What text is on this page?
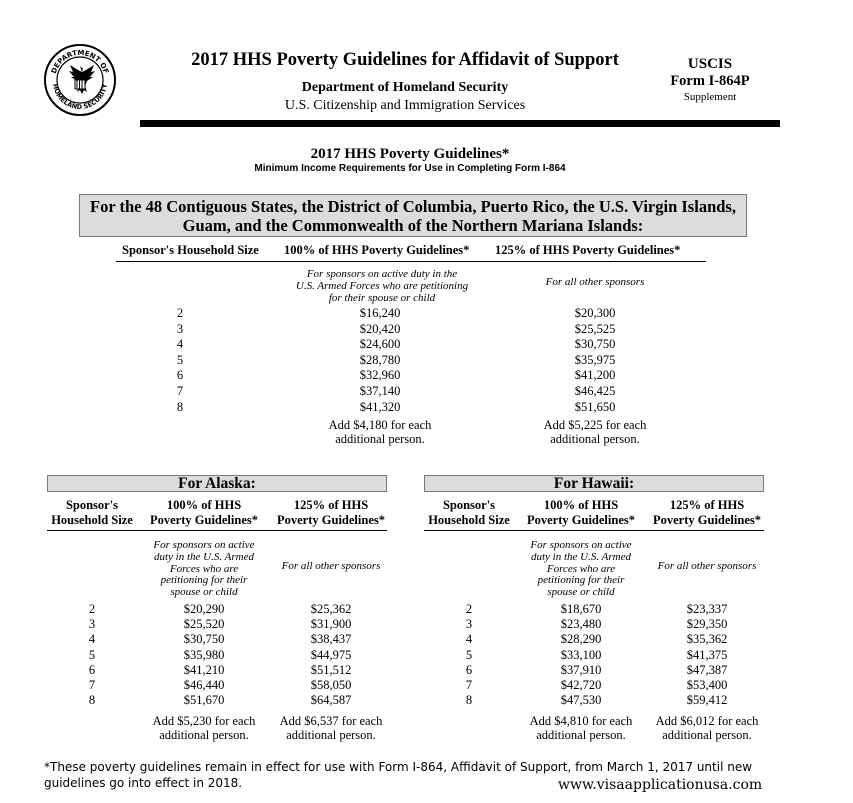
DEPARTMENT OF
HOMELAND SECURITY
2017 HHS Poverty Guidelines for Affidavit of Support
Department of Homeland Security
U.S. Citizenship and Immigration Services
USCIS
Form I-864P
Supplement
2017 HHS Poverty Guidelines*
Minimum Income Requirements for Use in Completing Form I-864
For the 48 Contiguous States, the District of Columbia, Puerto Rico, the U.S. Virgin Islands,
Guam, and the Commonwealth of the Northern Mariana Islands:
Sponsor's Household Size 100% of HHS Poverty Guidelines* 125% of HHS Poverty Guidelines*
For sponsors on active duty in the
U.S. Armed Forces who are petitioning
for their spouse or child
For all other sponsors
2
3
4
5
6
7
8
$16,240
$20,420
$24,600
$28,780
$32,960
$37,140
$41,320
$20,300
$25,525
$30,750
$35,975
$41,200
$46,425
$51,650
Add $4,180 for each
additional person.
Add $5,225 for each
additional person.
For Alaska:
Sponsor's
Household Size
100% of HHS
Poverty Guidelines*
125% of HHS
Poverty Guidelines*
For sponsors on active
duty in the U.S. Armed
Forces who are
petitioning for their
spouse or child
For all other sponsors
2
3
4
5
6
7
8
$20,290
$25,520
$30,750
$35,980
$41,210
$46,440
$51,670
$25,362
$31,900
$38,437
$44,975
$51,512
$58,050
$64,587
Add $5,230 for each
additional person.
Add $6,537 for each
additional person.
For Hawaii:
Sponsor's
Household Size
100% of HHS
Poverty Guidelines*
125% of HHS
Poverty Guidelines*
For sponsors on active
duty in the U.S. Armed
Forces who are
petitioning for their
spouse or child
For all other sponsors
2
3
4
5
6
7
8
$18,670
$23,480
$28,290
$33,100
$37,910
$42,720
$47,530
$23,337
$29,350
$35,362
$41,375
$47,387
$53,400
$59,412
Add $4,810 for each
additional person.
Add $6,012 for each
additional person.
*These poverty guidelines remain in effect for use with Form I-864, Affidavit of Support, from March 1, 2017 until new guidelines go into effect in 2018.	www.visaapplicationusa.com
